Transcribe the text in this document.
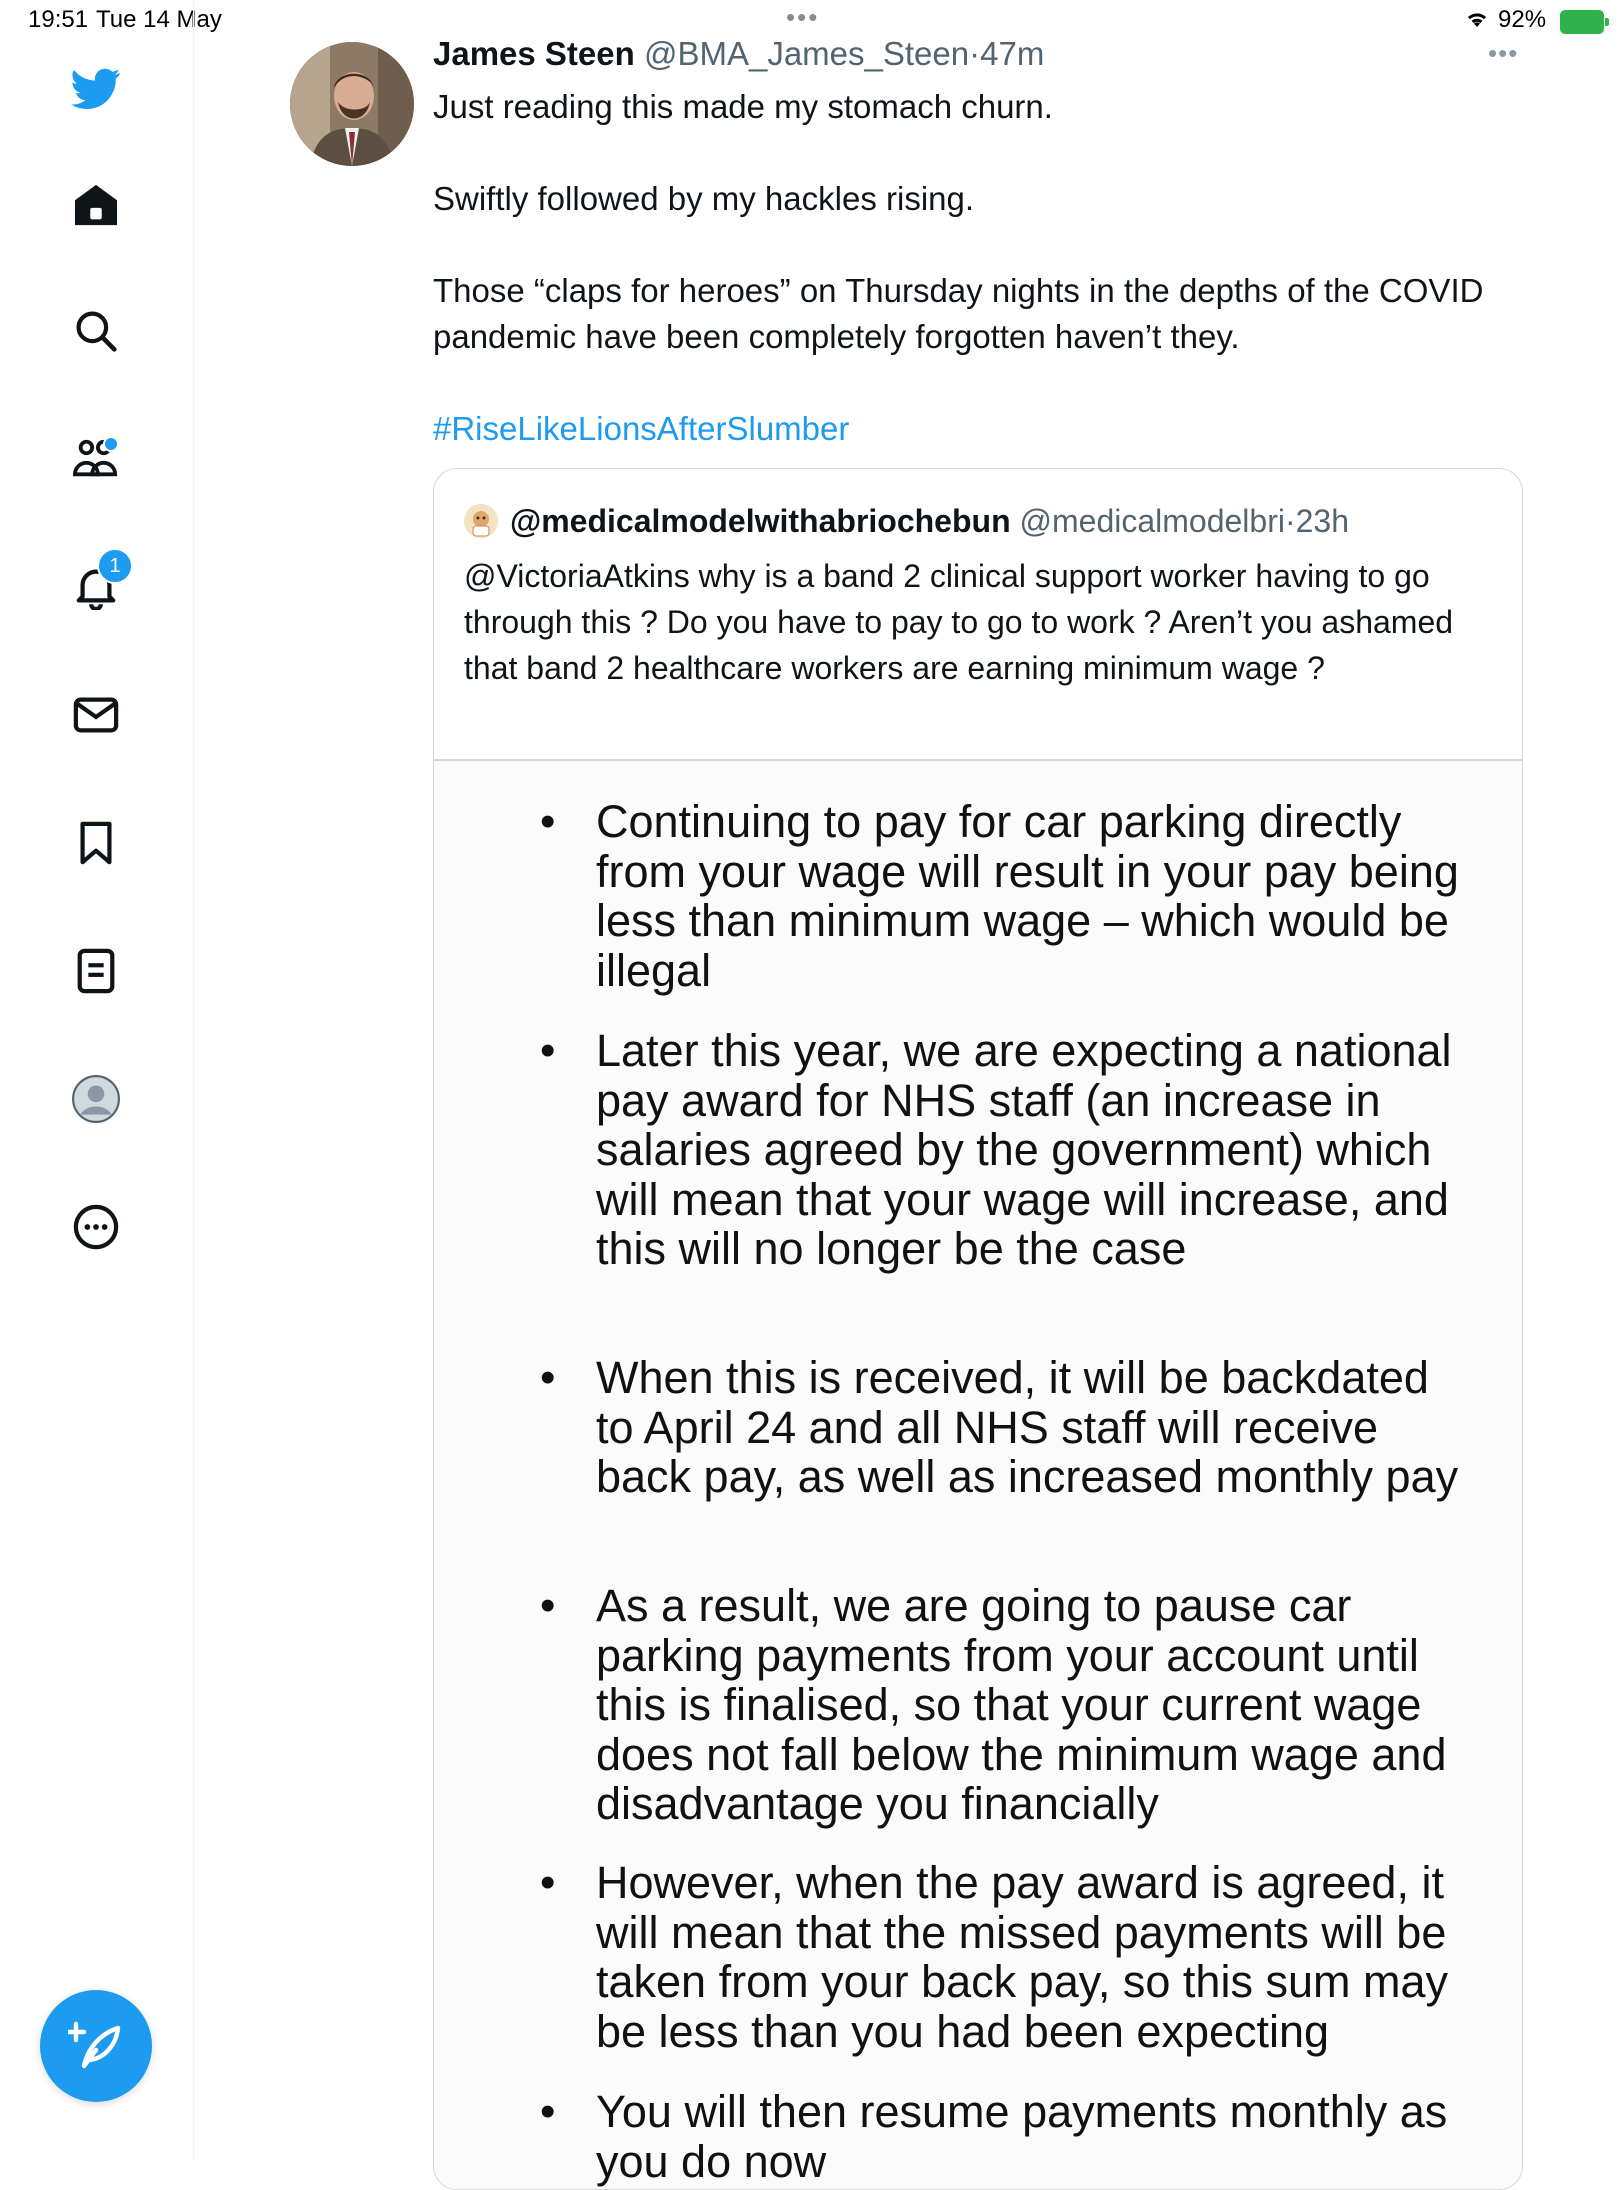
19:51 Tue 14 May	•••	92%
1
James Steen @BMA_James_Steen·47m	•••

Just reading this made my stomach churn.

Swiftly followed by my hackles rising.

Those “claps for heroes” on Thursday nights in the depths of the COVID pandemic have been completely forgotten haven’t they.

#RiseLikeLionsAfterSlumber

@medicalmodelwithabriochebun @medicalmodelbri·23h
@VictoriaAtkins why is a band 2 clinical support worker having to go through this ? Do you have to pay to go to work ? Aren’t you ashamed that band 2 healthcare workers are earning minimum wage ?
• Continuing to pay for car parking directly from your wage will result in your pay being less than minimum wage – which would be illegal
• Later this year, we are expecting a national pay award for NHS staff (an increase in salaries agreed by the government) which will mean that your wage will increase, and this will no longer be the case
• When this is received, it will be backdated to April 24 and all NHS staff will receive back pay, as well as increased monthly pay
• As a result, we are going to pause car parking payments from your account until this is finalised, so that your current wage does not fall below the minimum wage and disadvantage you financially
• However, when the pay award is agreed, it will mean that the missed payments will be taken from your back pay, so this sum may be less than you had been expecting
• You will then resume payments monthly as you do now
